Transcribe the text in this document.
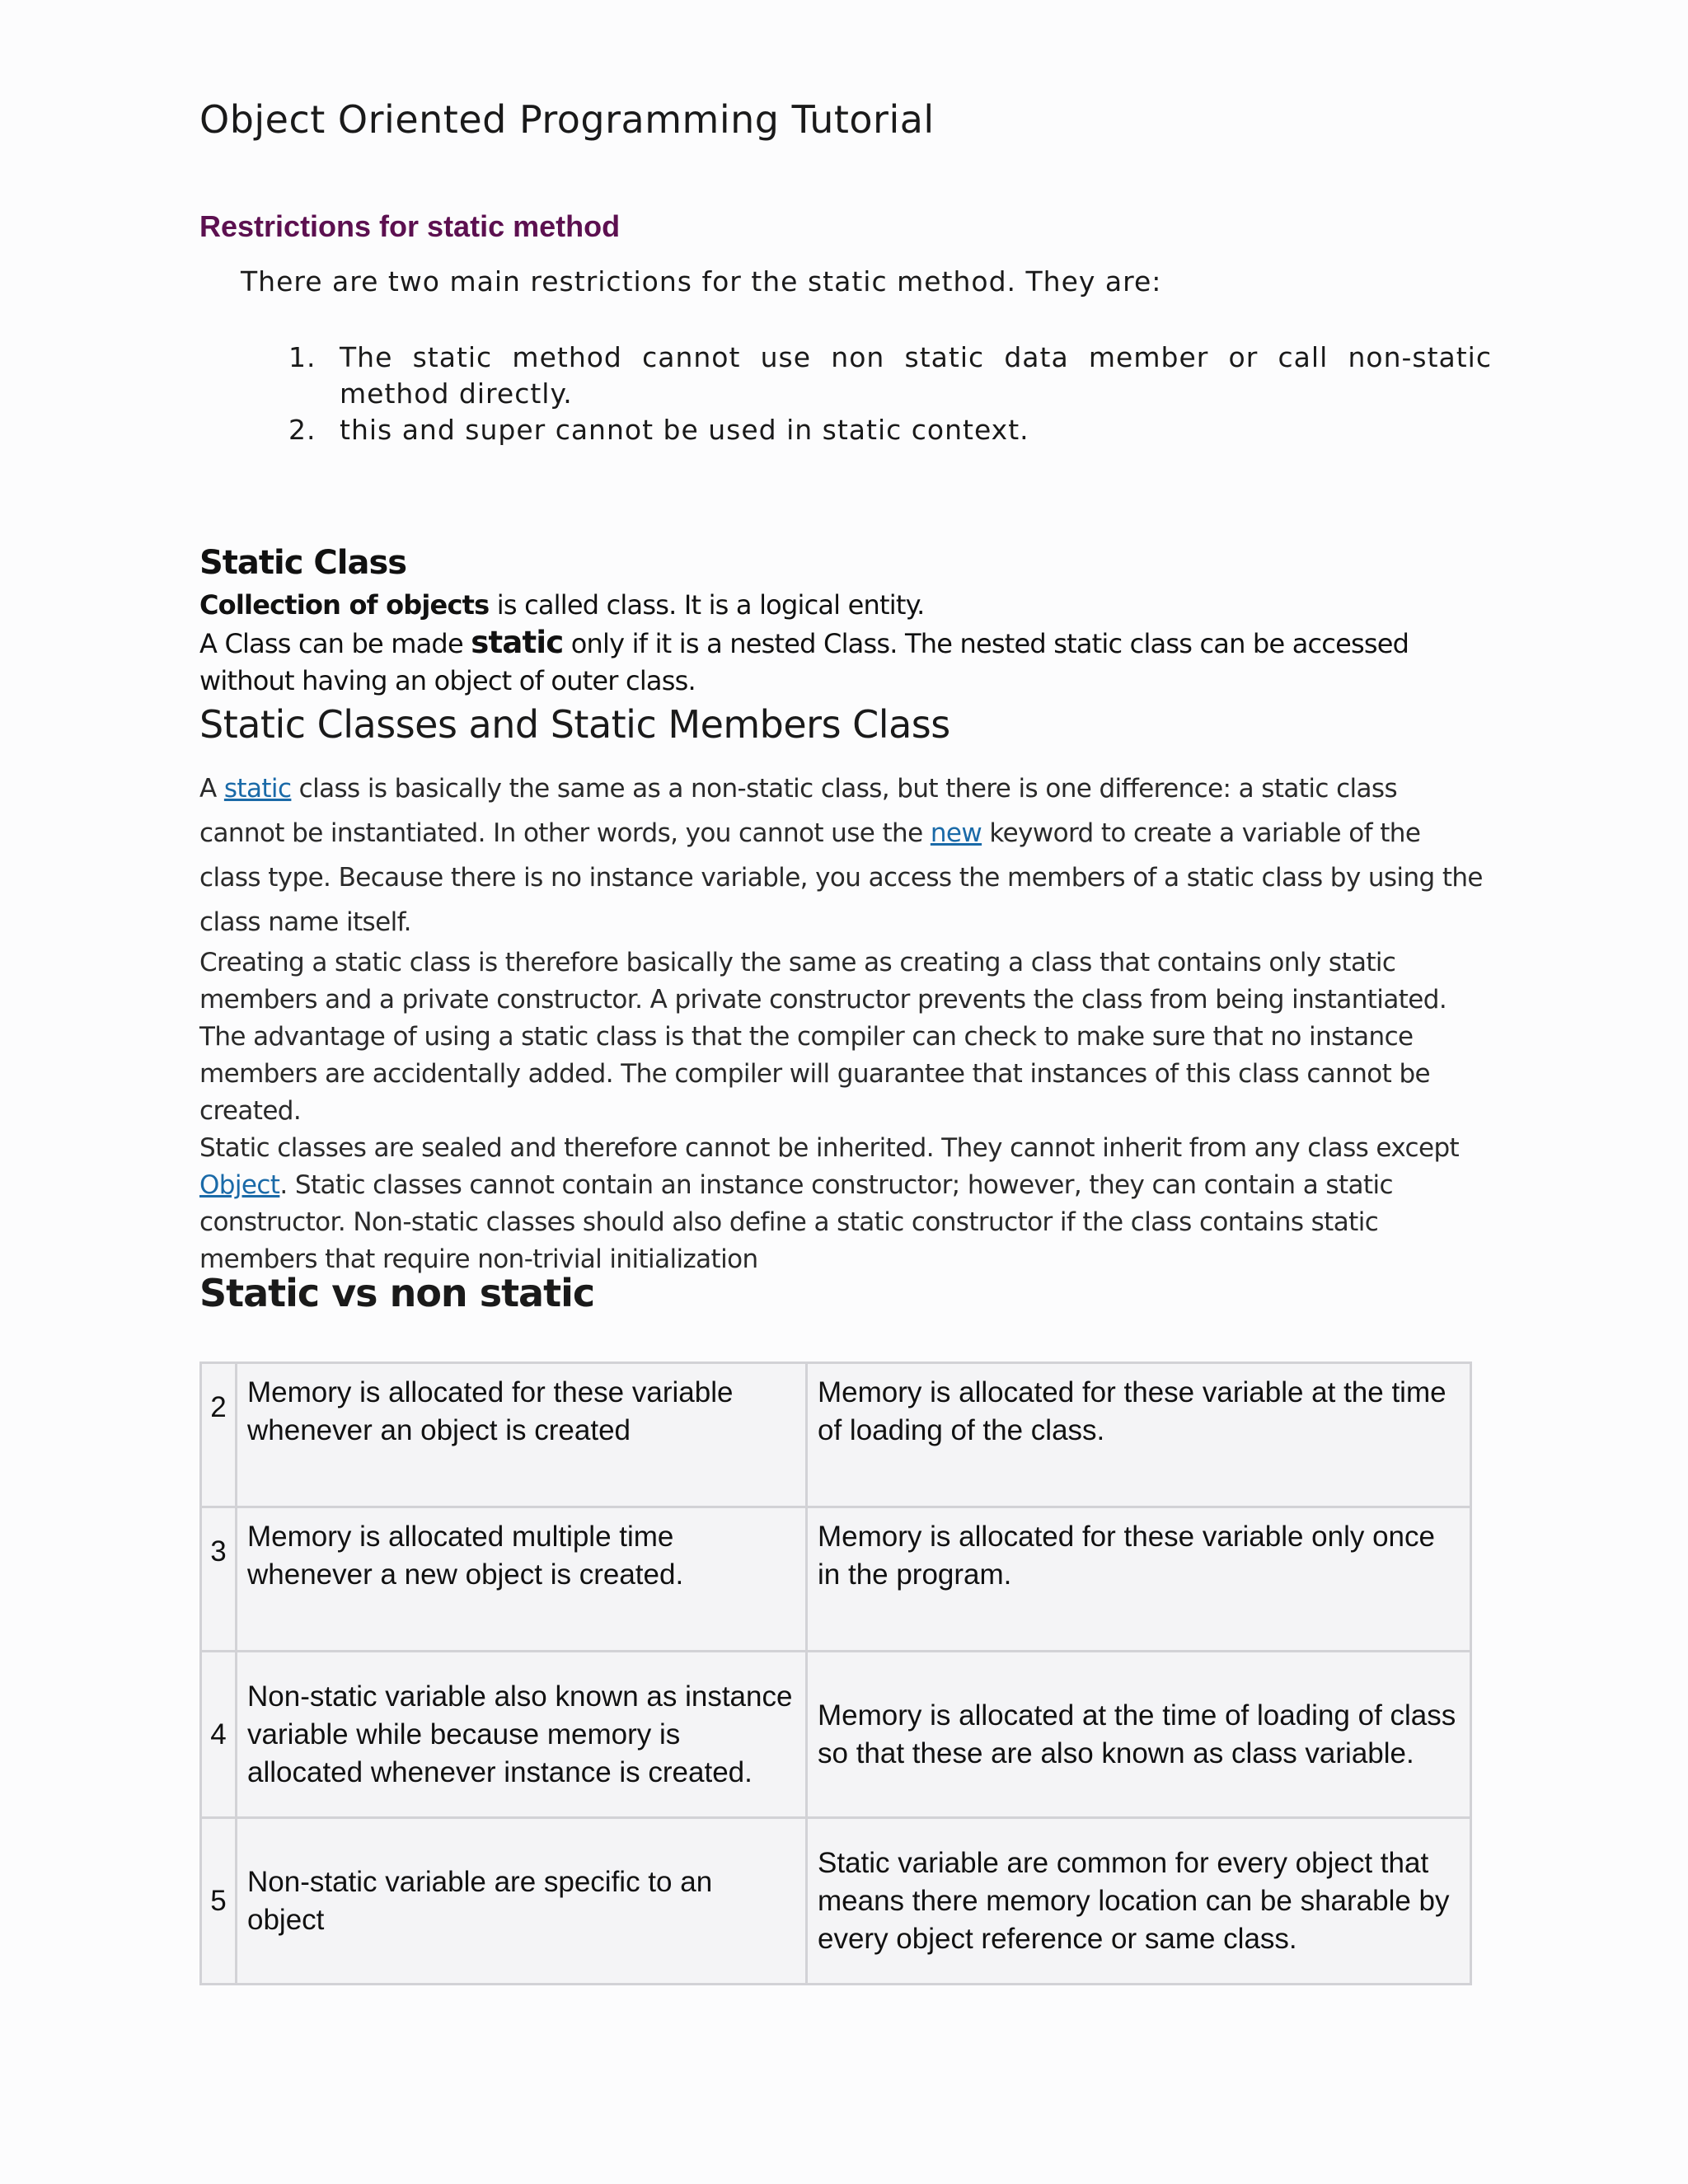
Object Oriented Programming Tutorial
Restrictions for static method

There are two main restrictions for the static method. They are:

1. The static method cannot use non static data member or call non-static method directly.
2. this and super cannot be used in static context.
Static Class
Collection of objects is called class. It is a logical entity.
A Class can be made static only if it is a nested Class. The nested static class can be accessed without having an object of outer class.
Static Classes and Static Members Class

A static class is basically the same as a non-static class, but there is one difference: a static class cannot be instantiated. In other words, you cannot use the new keyword to create a variable of the class type. Because there is no instance variable, you access the members of a static class by using the class name itself.

Creating a static class is therefore basically the same as creating a class that contains only static members and a private constructor. A private constructor prevents the class from being instantiated. The advantage of using a static class is that the compiler can check to make sure that no instance members are accidentally added. The compiler will guarantee that instances of this class cannot be created.

Static classes are sealed and therefore cannot be inherited. They cannot inherit from any class except Object. Static classes cannot contain an instance constructor; however, they can contain a static constructor. Non-static classes should also define a static constructor if the class contains static members that require non-trivial initialization

Static vs non static
2	Memory is allocated for these variable whenever an object is created	Memory is allocated for these variable at the time of loading of the class.
3	Memory is allocated multiple time whenever a new object is created.	Memory is allocated for these variable only once in the program.
4	Non-static variable also known as instance variable while because memory is allocated whenever instance is created.	Memory is allocated at the time of loading of class so that these are also known as class variable.
5	Non-static variable are specific to an object	Static variable are common for every object that means there memory location can be sharable by every object reference or same class.
